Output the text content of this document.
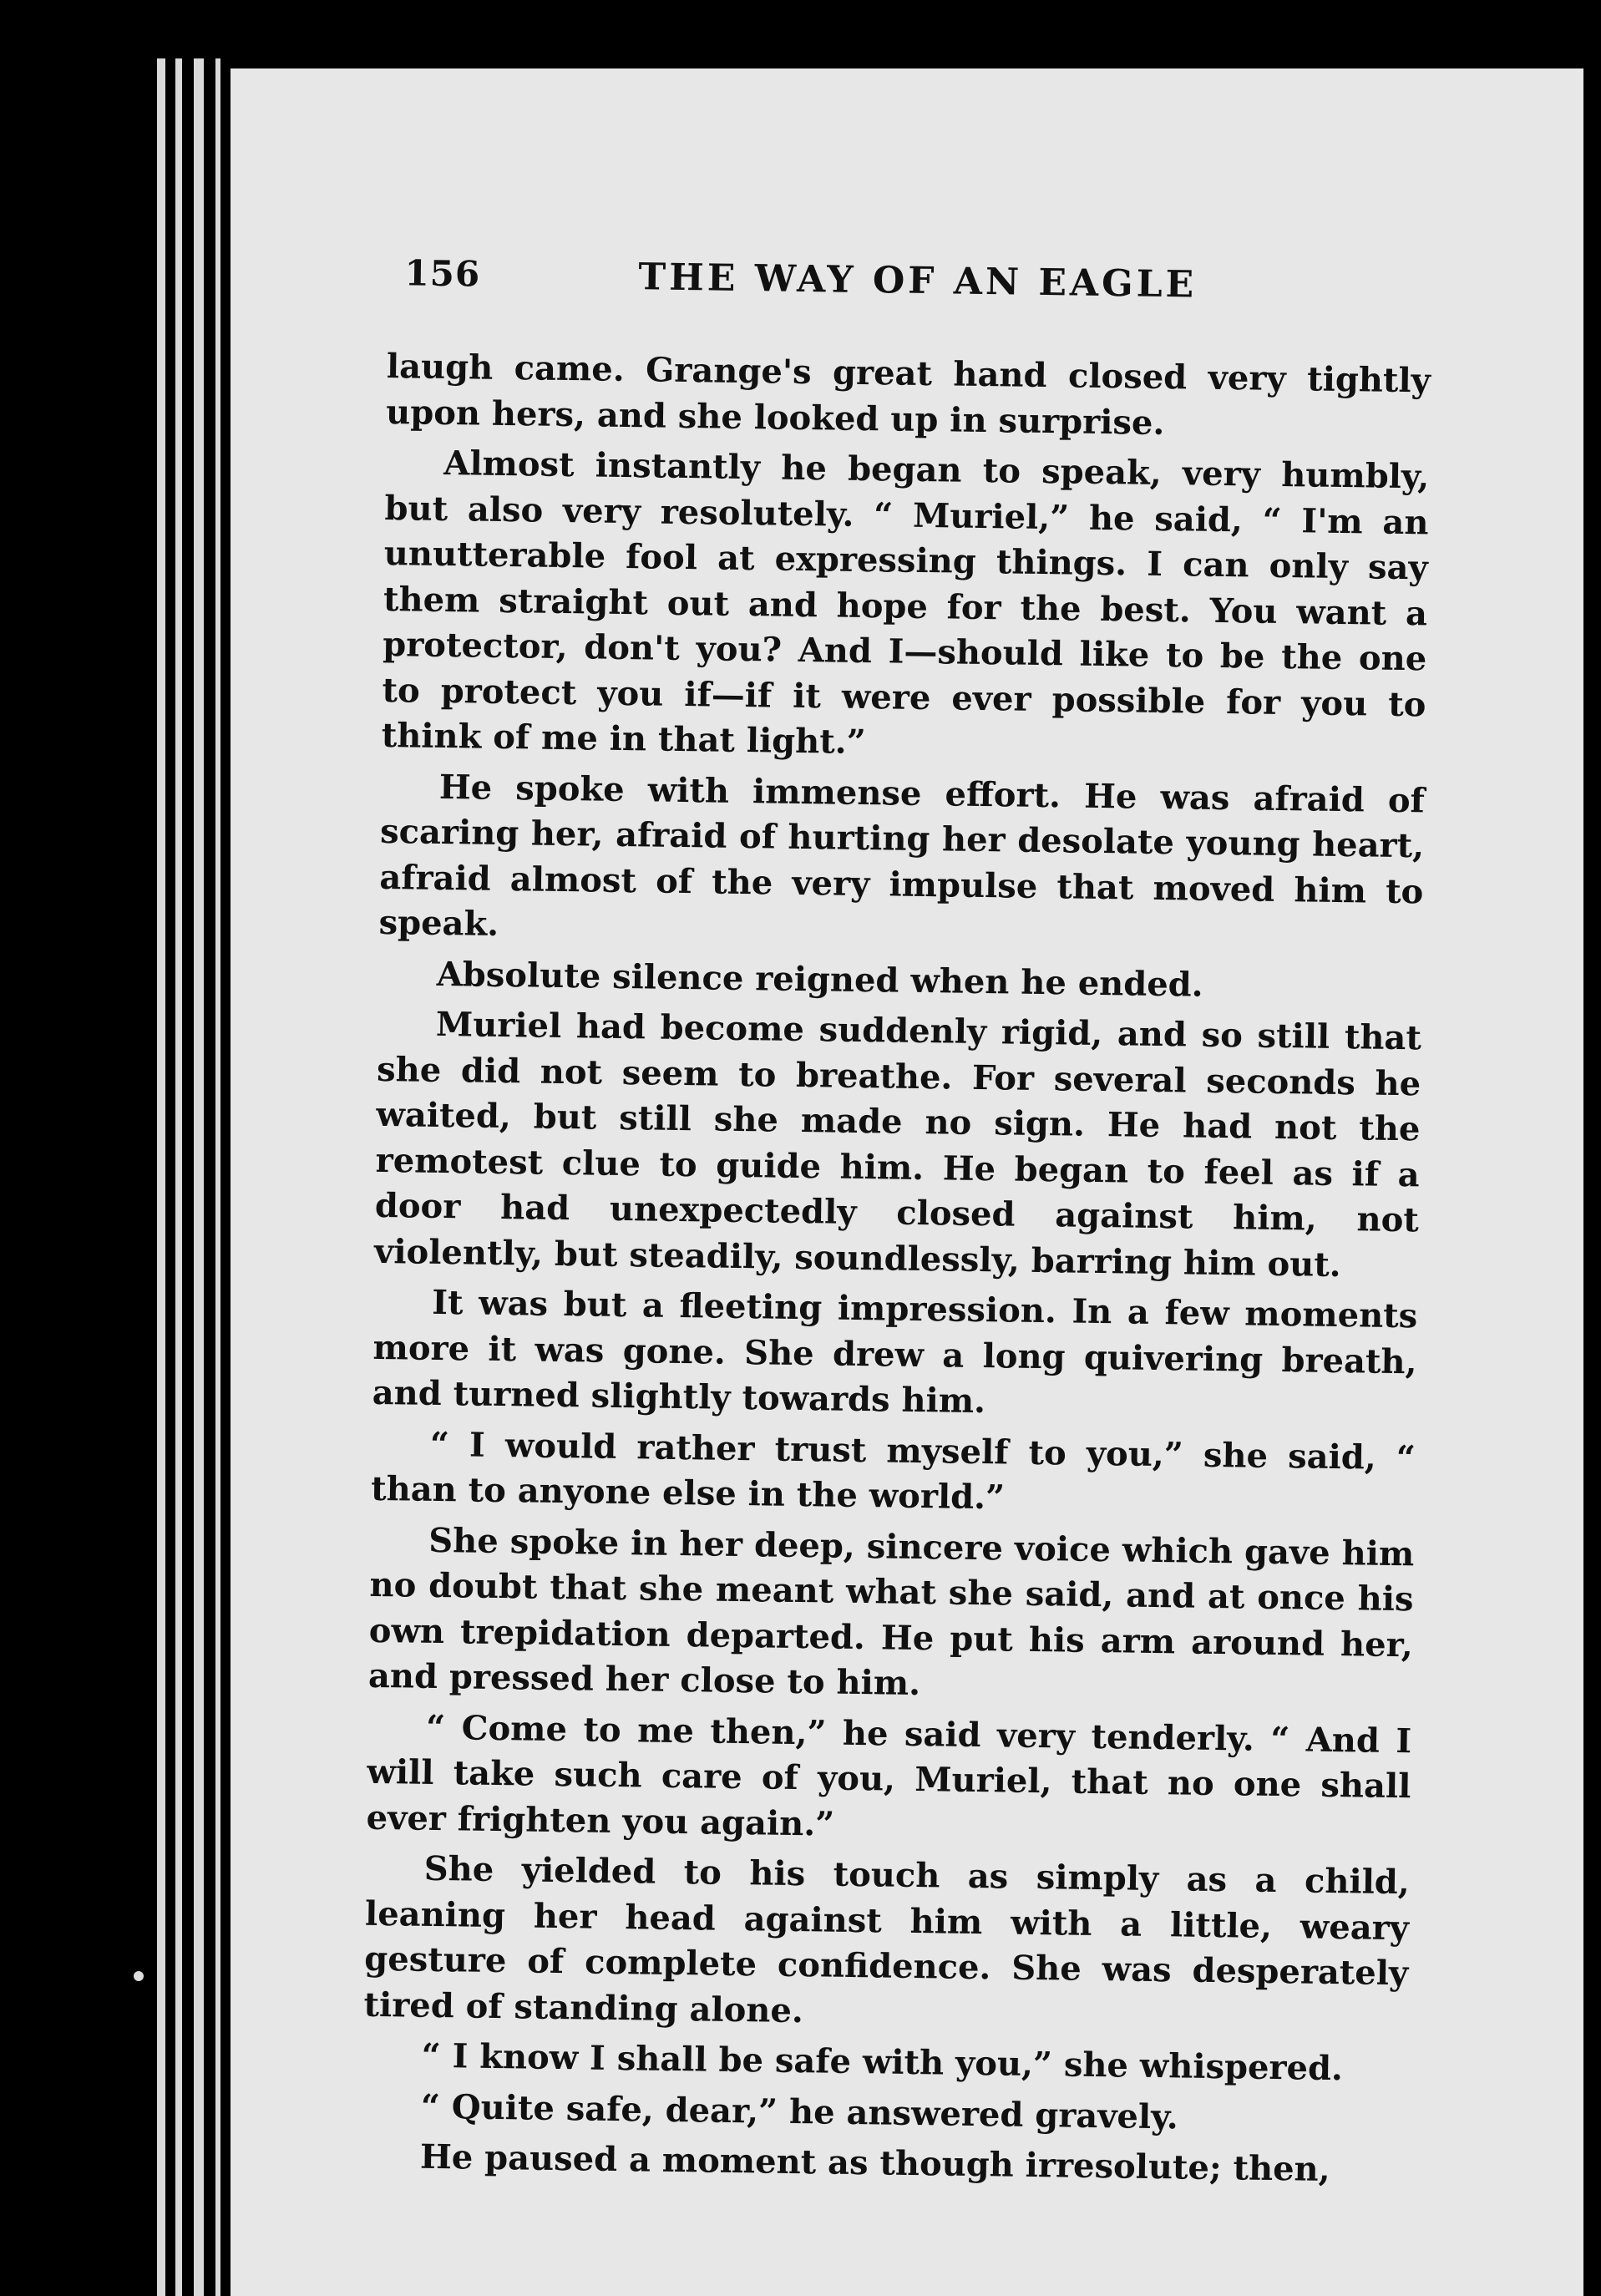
156	THE WAY OF AN EAGLE

laugh came. Grange's great hand closed very tightly upon hers, and she looked up in surprise.

Almost instantly he began to speak, very humbly, but also very resolutely. “ Muriel,” he said, “ I'm an unutterable fool at expressing things. I can only say them straight out and hope for the best. You want a protector, don't you? And I—should like to be the one to protect you if—if it were ever possible for you to think of me in that light.”

He spoke with immense effort. He was afraid of scaring her, afraid of hurting her desolate young heart, afraid almost of the very impulse that moved him to speak.

Absolute silence reigned when he ended.

Muriel had become suddenly rigid, and so still that she did not seem to breathe. For several seconds he waited, but still she made no sign. He had not the remotest clue to guide him. He began to feel as if a door had unexpectedly closed against him, not violently, but steadily, soundlessly, barring him out.

It was but a fleeting impression. In a few moments more it was gone. She drew a long quivering breath, and turned slightly towards him.

“ I would rather trust myself to you,” she said, “ than to anyone else in the world.”

She spoke in her deep, sincere voice which gave him no doubt that she meant what she said, and at once his own trepidation departed. He put his arm around her, and pressed her close to him.

“ Come to me then,” he said very tenderly. “ And I will take such care of you, Muriel, that no one shall ever frighten you again.”

She yielded to his touch as simply as a child, leaning her head against him with a little, weary gesture of complete confidence. She was desperately tired of standing alone.

“ I know I shall be safe with you,” she whispered.

“ Quite safe, dear,” he answered gravely.

He paused a moment as though irresolute; then,
